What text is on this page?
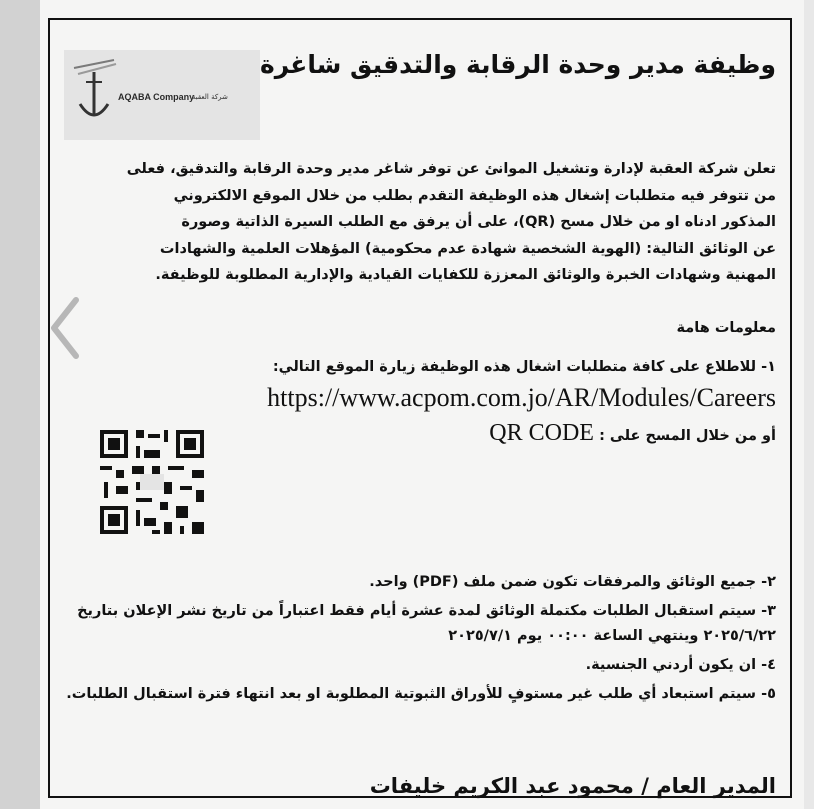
وظيفة مدير وحدة الرقابة والتدقيق شاغرة
AQABA Company
شركة العقبة
تعلن شركة العقبة لإدارة وتشغيل الموانئ عن توفر شاغر مدير وحدة الرقابة والتدقيق، فعلى
من تتوفر فيه متطلبات إشغال هذه الوظيفة التقدم بطلب من خلال الموقع الالكتروني
المذكور ادناه او من خلال مسح (QR)، على أن يرفق مع الطلب السيرة الذاتية وصورة
عن الوثائق التالية: (الهوية الشخصية شهادة عدم محكومية) المؤهلات العلمية والشهادات
المهنية وشهادات الخبرة والوثائق المعززة للكفايات القيادية والإدارية المطلوبة للوظيفة.
معلومات هامة
١- للاطلاع على كافة متطلبات اشغال هذه الوظيفة زيارة الموقع التالي:
https://www.acpom.com.jo/AR/Modules/Careers
أو من خلال المسح على : QR CODE
٢- جميع الوثائق والمرفقات تكون ضمن ملف (PDF) واحد.
٣- سيتم استقبال الطلبات مكتملة الوثائق لمدة عشرة أيام فقط اعتباراً من تاريخ نشر الإعلان بتاريخ ٢٠٢٥/٦/٢٢ وينتهي الساعة ٠٠:٠٠ يوم ٢٠٢٥/٧/١
٤- ان يكون أردني الجنسية.
٥- سيتم استبعاد أي طلب غير مستوفٍ للأوراق الثبوتية المطلوبة او بعد انتهاء فترة استقبال الطلبات.
المدير العام / محمود عبد الكريم خليفات
